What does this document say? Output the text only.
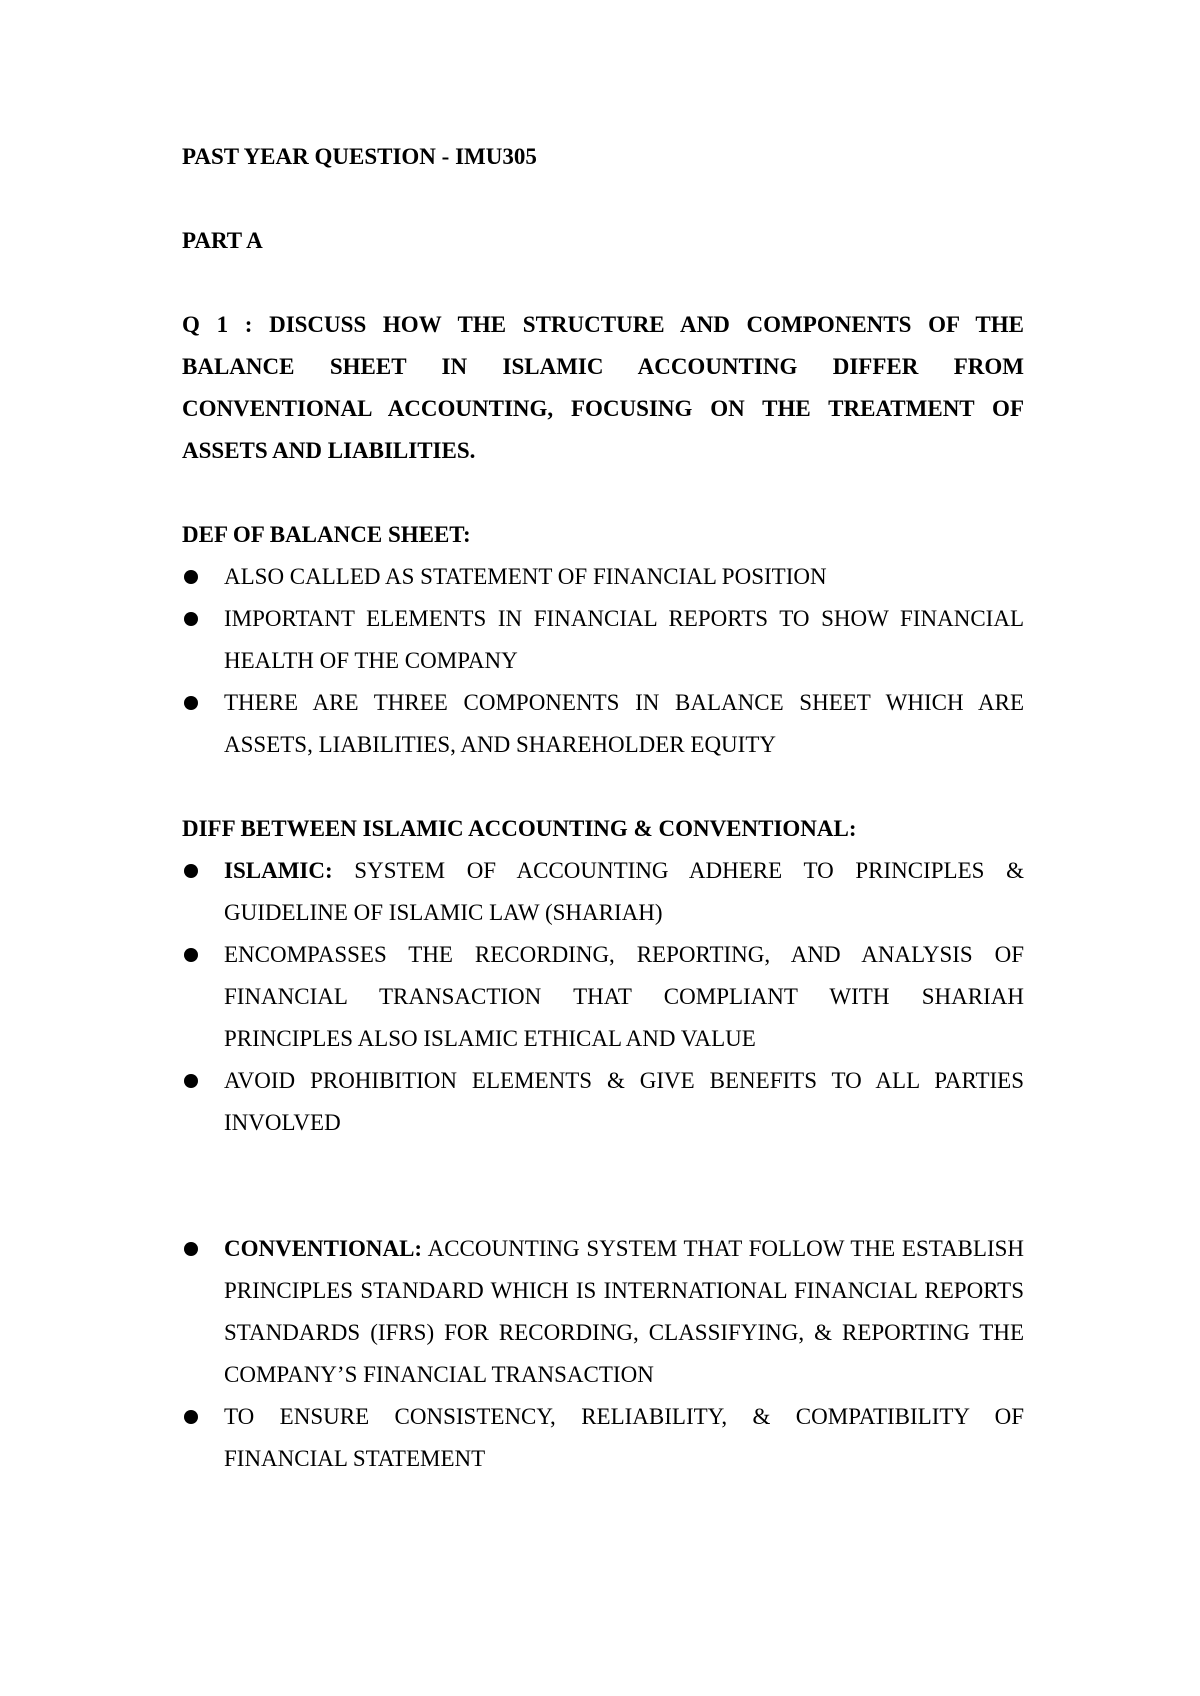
PAST YEAR QUESTION - IMU305

PART A

Q 1 : DISCUSS HOW THE STRUCTURE AND COMPONENTS OF THE BALANCE SHEET IN ISLAMIC ACCOUNTING DIFFER FROM CONVENTIONAL ACCOUNTING, FOCUSING ON THE TREATMENT OF ASSETS AND LIABILITIES.

DEF OF BALANCE SHEET:

ALSO CALLED AS STATEMENT OF FINANCIAL POSITION
IMPORTANT ELEMENTS IN FINANCIAL REPORTS TO SHOW FINANCIAL HEALTH OF THE COMPANY
THERE ARE THREE COMPONENTS IN BALANCE SHEET WHICH ARE ASSETS, LIABILITIES, AND SHAREHOLDER EQUITY

DIFF BETWEEN ISLAMIC ACCOUNTING & CONVENTIONAL:

ISLAMIC: SYSTEM OF ACCOUNTING ADHERE TO PRINCIPLES & GUIDELINE OF ISLAMIC LAW (SHARIAH)
ENCOMPASSES THE RECORDING, REPORTING, AND ANALYSIS OF FINANCIAL TRANSACTION THAT COMPLIANT WITH SHARIAH PRINCIPLES ALSO ISLAMIC ETHICAL AND VALUE
AVOID PROHIBITION ELEMENTS & GIVE BENEFITS TO ALL PARTIES INVOLVED
CONVENTIONAL: ACCOUNTING SYSTEM THAT FOLLOW THE ESTABLISH PRINCIPLES STANDARD WHICH IS INTERNATIONAL FINANCIAL REPORTS STANDARDS (IFRS) FOR RECORDING, CLASSIFYING, & REPORTING THE COMPANY’S FINANCIAL TRANSACTION
TO ENSURE CONSISTENCY, RELIABILITY, & COMPATIBILITY OF FINANCIAL STATEMENT
